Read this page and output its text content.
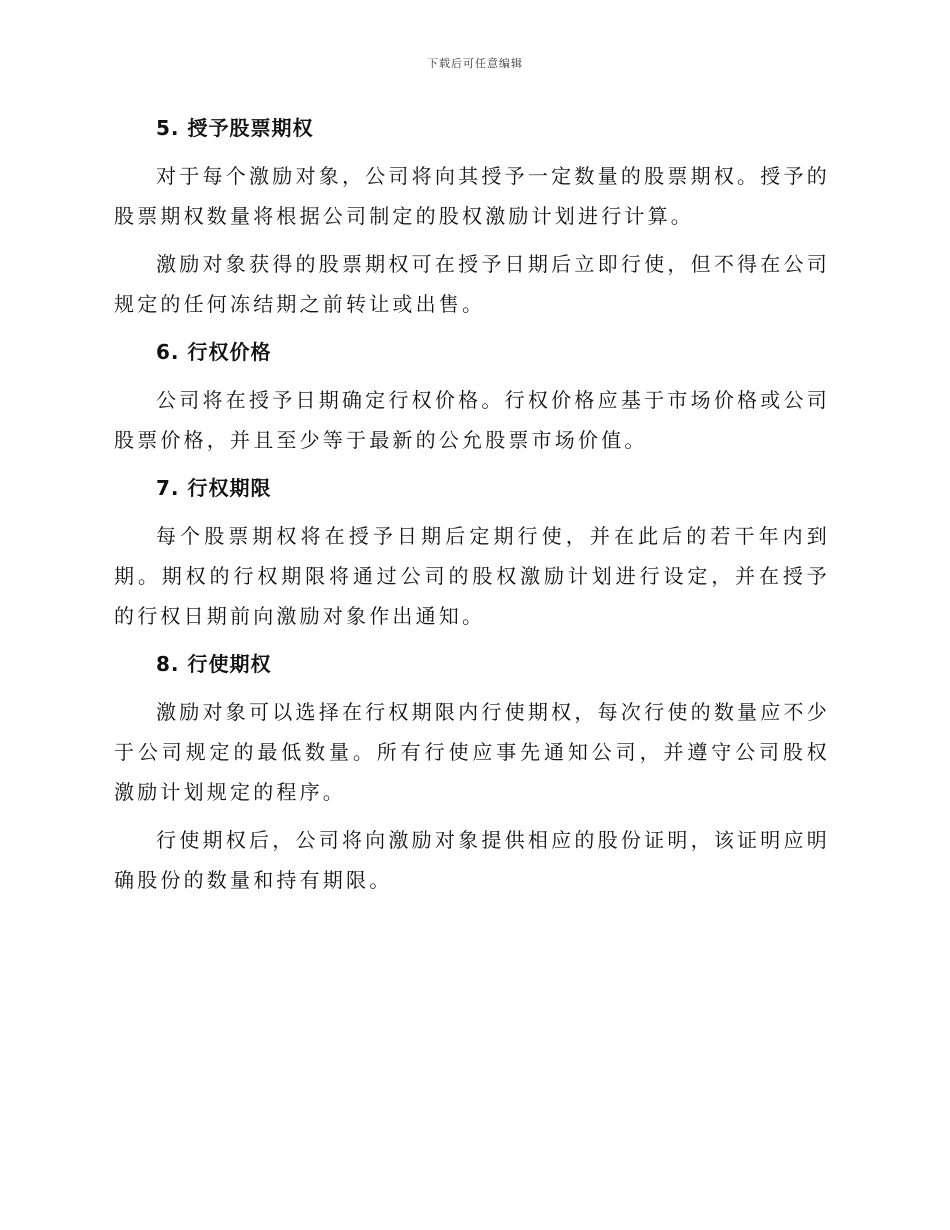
下载后可任意编辑
5. 授予股票期权

对于每个激励对象，公司将向其授予一定数量的股票期权。授予的股票期权数量将根据公司制定的股权激励计划进行计算。

激励对象获得的股票期权可在授予日期后立即行使，但不得在公司规定的任何冻结期之前转让或出售。

6. 行权价格

公司将在授予日期确定行权价格。行权价格应基于市场价格或公司股票价格，并且至少等于最新的公允股票市场价值。

7. 行权期限

每个股票期权将在授予日期后定期行使，并在此后的若干年内到期。期权的行权期限将通过公司的股权激励计划进行设定，并在授予的行权日期前向激励对象作出通知。

8. 行使期权

激励对象可以选择在行权期限内行使期权，每次行使的数量应不少于公司规定的最低数量。所有行使应事先通知公司，并遵守公司股权激励计划规定的程序。

行使期权后，公司将向激励对象提供相应的股份证明，该证明应明确股份的数量和持有期限。
